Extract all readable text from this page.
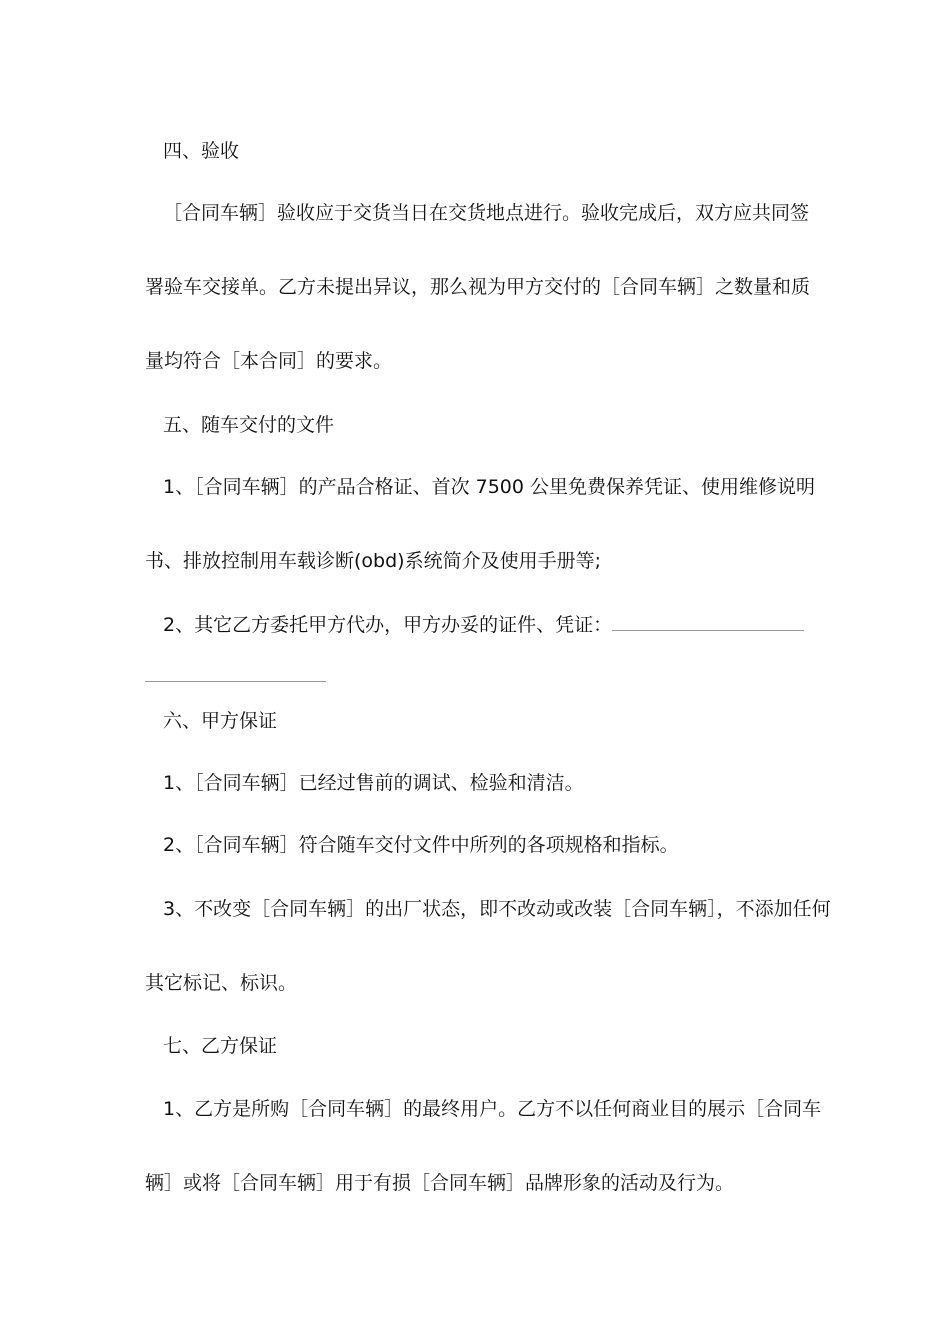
四、验收
［合同车辆］验收应于交货当日在交货地点进行。验收完成后，双方应共同签
署验车交接单。乙方未提出异议，那么视为甲方交付的［合同车辆］之数量和质
量均符合［本合同］的要求。
五、随车交付的文件
1、［合同车辆］的产品合格证、首次 7500 公里免费保养凭证、使用维修说明
书、排放控制用车载诊断(obd)系统简介及使用手册等;
2、其它乙方委托甲方代办，甲方办妥的证件、凭证：
六、甲方保证
1、［合同车辆］已经过售前的调试、检验和清洁。
2、［合同车辆］符合随车交付文件中所列的各项规格和指标。
3、不改变［合同车辆］的出厂状态，即不改动或改装［合同车辆］，不添加任何
其它标记、标识。
七、乙方保证
1、乙方是所购［合同车辆］的最终用户。乙方不以任何商业目的展示［合同车
辆］或将［合同车辆］用于有损［合同车辆］品牌形象的活动及行为。
